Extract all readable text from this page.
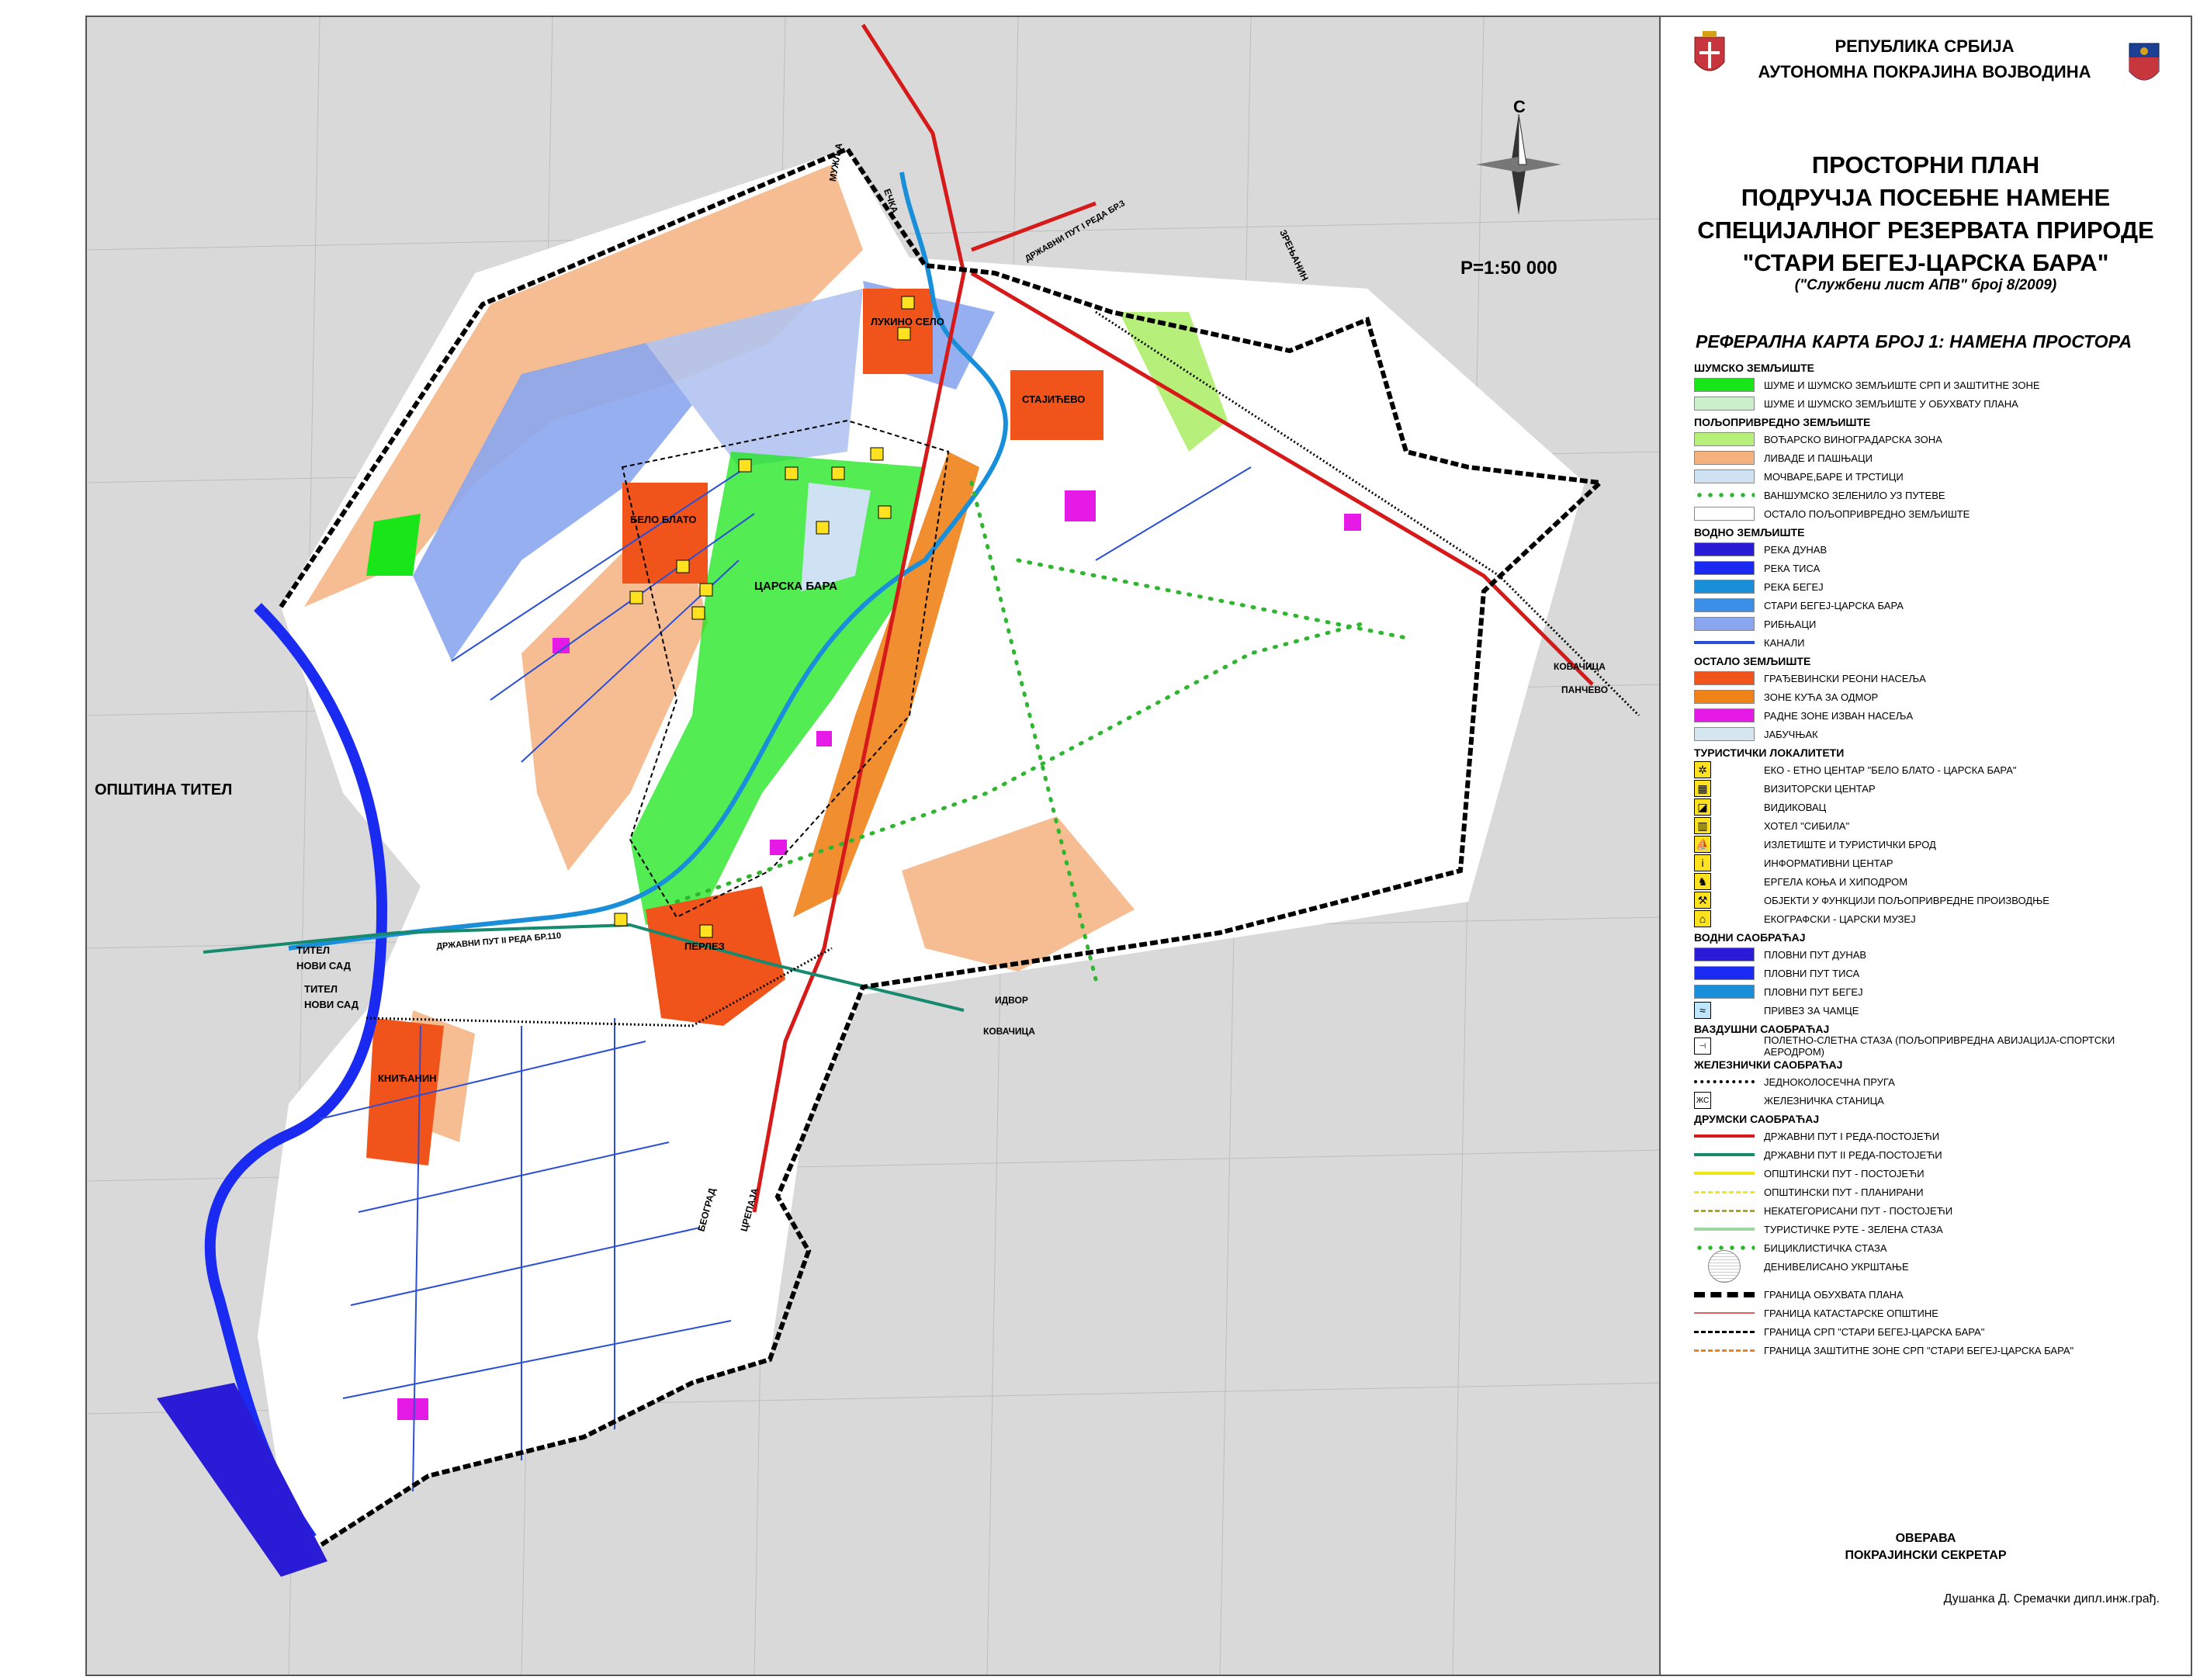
С
Р=1:50 000
ЛУКИНО СЕЛО
СТАЈИЋЕВО
БЕЛО БЛАТО
ЦАРСКА БАРА
ПЕРЛЕЗ
КНИЋАНИН
ОПШТИНА ТИТЕЛ
ТИТЕЛ
НОВИ САД
ТИТЕЛ
НОВИ САД
КОВАЧИЦА
ПАНЧЕВО
ИДВОР
КОВАЧИЦА
БЕОГРАД ЦРЕПАЈА
ЗРЕЊАНИН
ЕЧКА
МУЖЉА
ДРЖАВНИ ПУТ I РЕДА БР.3
ДРЖАВНИ ПУТ II РЕДА БР.110
РЕПУБЛИКА СРБИЈА
АУТОНОМНА ПОКРАЈИНА ВОЈВОДИНА
ПРОСТОРНИ ПЛАН
ПОДРУЧЈА ПОСЕБНЕ НАМЕНЕ
СПЕЦИЈАЛНОГ РЕЗЕРВАТА ПРИРОДЕ
"СТАРИ БЕГЕЈ-ЦАРСКА БАРА"
("Службени лист АПВ" број 8/2009)
РЕФЕРАЛНА КАРТА БРОЈ 1: НАМЕНА ПРОСТОРА
ШУМСКО ЗЕМЉИШТЕ
ШУМЕ И ШУМСКО ЗЕМЉИШТЕ СРП И ЗАШТИТНЕ ЗОНЕ
ШУМЕ И ШУМСКО ЗЕМЉИШТЕ У ОБУХВАТУ ПЛАНА
ПОЉОПРИВРЕДНО ЗЕМЉИШТЕ
ВОЋАРСКО ВИНОГРАДАРСКА ЗОНА
ЛИВАДЕ И ПАШЊАЦИ
МОЧВАРЕ,БАРЕ И ТРСТИЦИ
ВАНШУМСКО ЗЕЛЕНИЛО УЗ ПУТЕВЕ
ОСТАЛО ПОЉОПРИВРЕДНО ЗЕМЉИШТЕ
ВОДНО ЗЕМЉИШТЕ
РЕКА ДУНАВ
РЕКА ТИСА
РЕКА БЕГЕЈ
СТАРИ БЕГЕЈ-ЦАРСКА БАРА
РИБЊАЦИ
КАНАЛИ
ОСТАЛО ЗЕМЉИШТЕ
ГРАЂЕВИНСКИ РЕОНИ НАСЕЉА
ЗОНЕ КУЋА ЗА ОДМОР
РАДНЕ ЗОНЕ ИЗВАН НАСЕЉА
ЈАБУЧЊАК
ТУРИСТИЧКИ ЛОКАЛИТЕТИ
✲	ЕКО - ЕТНО ЦЕНТАР "БЕЛО БЛАТО - ЦАРСКА БАРА"
▦	ВИЗИТОРСКИ ЦЕНТАР
◪	ВИДИКОВАЦ
▥	ХОТЕЛ "СИБИЛА"
⛵	ИЗЛЕТИШТЕ И ТУРИСТИЧКИ БРОД
i	ИНФОРМАТИВНИ ЦЕНТАР
♞	ЕРГЕЛА КОЊА И ХИПОДРОМ
⚒	ОБЈЕКТИ У ФУНКЦИЈИ ПОЉОПРИВРЕДНЕ ПРОИЗВОДЊЕ
⌂	ЕКОГРАФСКИ - ЦАРСКИ МУЗЕЈ
ВОДНИ САОБРАЋАЈ
ПЛОВНИ ПУТ ДУНАВ
ПЛОВНИ ПУТ ТИСА
ПЛОВНИ ПУТ БЕГЕЈ
≈	ПРИВЕЗ ЗА ЧАМЦЕ
ВАЗДУШНИ САОБРАЋАЈ
⊣	ПОЛЕТНО-СЛЕТНА СТАЗА (ПОЉОПРИВРЕДНА АВИЈАЦИЈА-СПОРТСКИ АЕРОДРОМ)
ЖЕЛЕЗНИЧКИ САОБРАЋАЈ
ЈЕДНОКОЛОСЕЧНА ПРУГА
ЖС	ЖЕЛЕЗНИЧКА СТАНИЦА
ДРУМСКИ САОБРАЋАЈ
ДРЖАВНИ ПУТ I РЕДА-ПОСТОЈЕЋИ
ДРЖАВНИ ПУТ II РЕДА-ПОСТОЈЕЋИ
ОПШТИНСКИ ПУТ - ПОСТОЈЕЋИ
ОПШТИНСКИ ПУТ - ПЛАНИРАНИ
НЕКАТЕГОРИСАНИ ПУТ - ПОСТОЈЕЋИ
ТУРИСТИЧКЕ РУТЕ - ЗЕЛЕНА СТАЗА
БИЦИКЛИСТИЧКА СТАЗА
ДЕНИВЕЛИСАНО УКРШТАЊЕ
ГРАНИЦА ОБУХВАТА ПЛАНА
ГРАНИЦА КАТАСТАРСКЕ ОПШТИНЕ
ГРАНИЦА СРП "СТАРИ БЕГЕЈ-ЦАРСКА БАРА"
ГРАНИЦА ЗАШТИТНЕ ЗОНЕ СРП "СТАРИ БЕГЕЈ-ЦАРСКА БАРА"
ОВЕРАВА
ПОКРАЈИНСКИ СЕКРЕТАР
Душанка Д. Сремачки дипл.инж.грађ.
